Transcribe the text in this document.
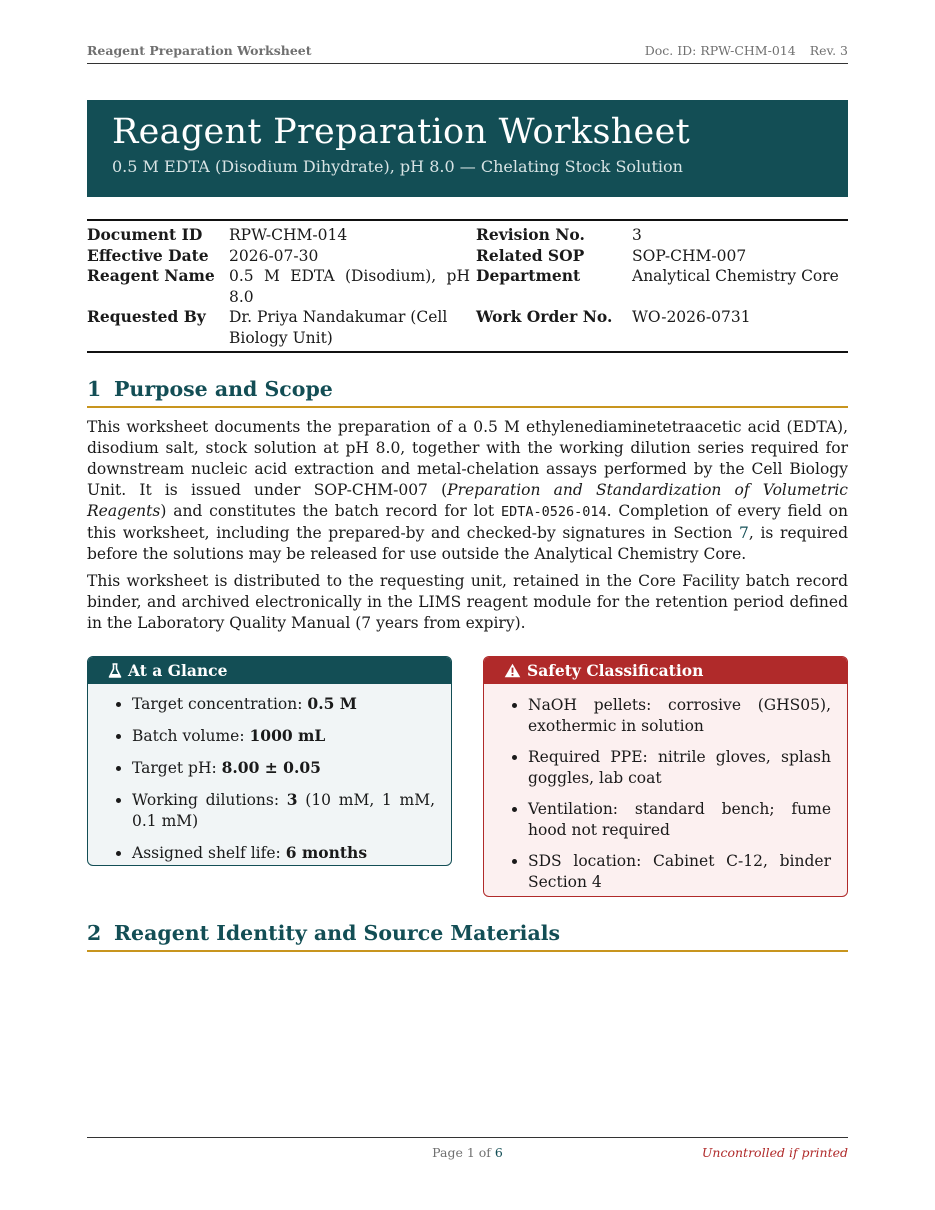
Reagent Preparation Worksheet	Doc. ID: RPW-CHM-014 Rev. 3
Reagent Preparation Worksheet
0.5 M EDTA (Disodium Dihydrate), pH 8.0 — Chelating Stock Solution
Document ID	RPW-CHM-014	Revision No.	3
Effective Date	2026-07-30	Related SOP	SOP-CHM-007
Reagent Name	0.5 M EDTA (Disodium), pH 8.0	Department	Analytical Chemistry Core
Requested By	Dr. Priya Nandakumar (Cell Biology Unit)	Work Order No.	WO-2026-0731
1 Purpose and Scope

This worksheet documents the preparation of a 0.5 M ethylenediaminetetraacetic acid (EDTA), disodium salt, stock solution at pH 8.0, together with the working dilution series required for downstream nucleic acid extraction and metal-chelation assays performed by the Cell Biology Unit. It is issued under SOP-CHM-007 (Preparation and Standardization of Volumetric Reagents) and constitutes the batch record for lot EDTA-0526-014. Completion of every field on this worksheet, including the prepared-by and checked-by signatures in Section 7, is required before the solutions may be released for use outside the Analytical Chemistry Core.

This worksheet is distributed to the requesting unit, retained in the Core Facility batch record binder, and archived electronically in the LIMS reagent module for the retention period defined in the Laboratory Quality Manual (7 years from expiry).

At a Glance
• Target concentration: 0.5 M
• Batch volume: 1000 mL
• Target pH: 8.00 ± 0.05
• Working dilutions: 3 (10 mM, 1 mM, 0.1 mM)
• Assigned shelf life: 6 months
Safety Classification
• NaOH pellets: corrosive (GHS05), exothermic in solution
• Required PPE: nitrile gloves, splash goggles, lab coat
• Ventilation: standard bench; fume hood not required
• SDS location: Cabinet C-12, binder Section 4
2 Reagent Identity and Source Materials
Page 1 of 6	Uncontrolled if printed
